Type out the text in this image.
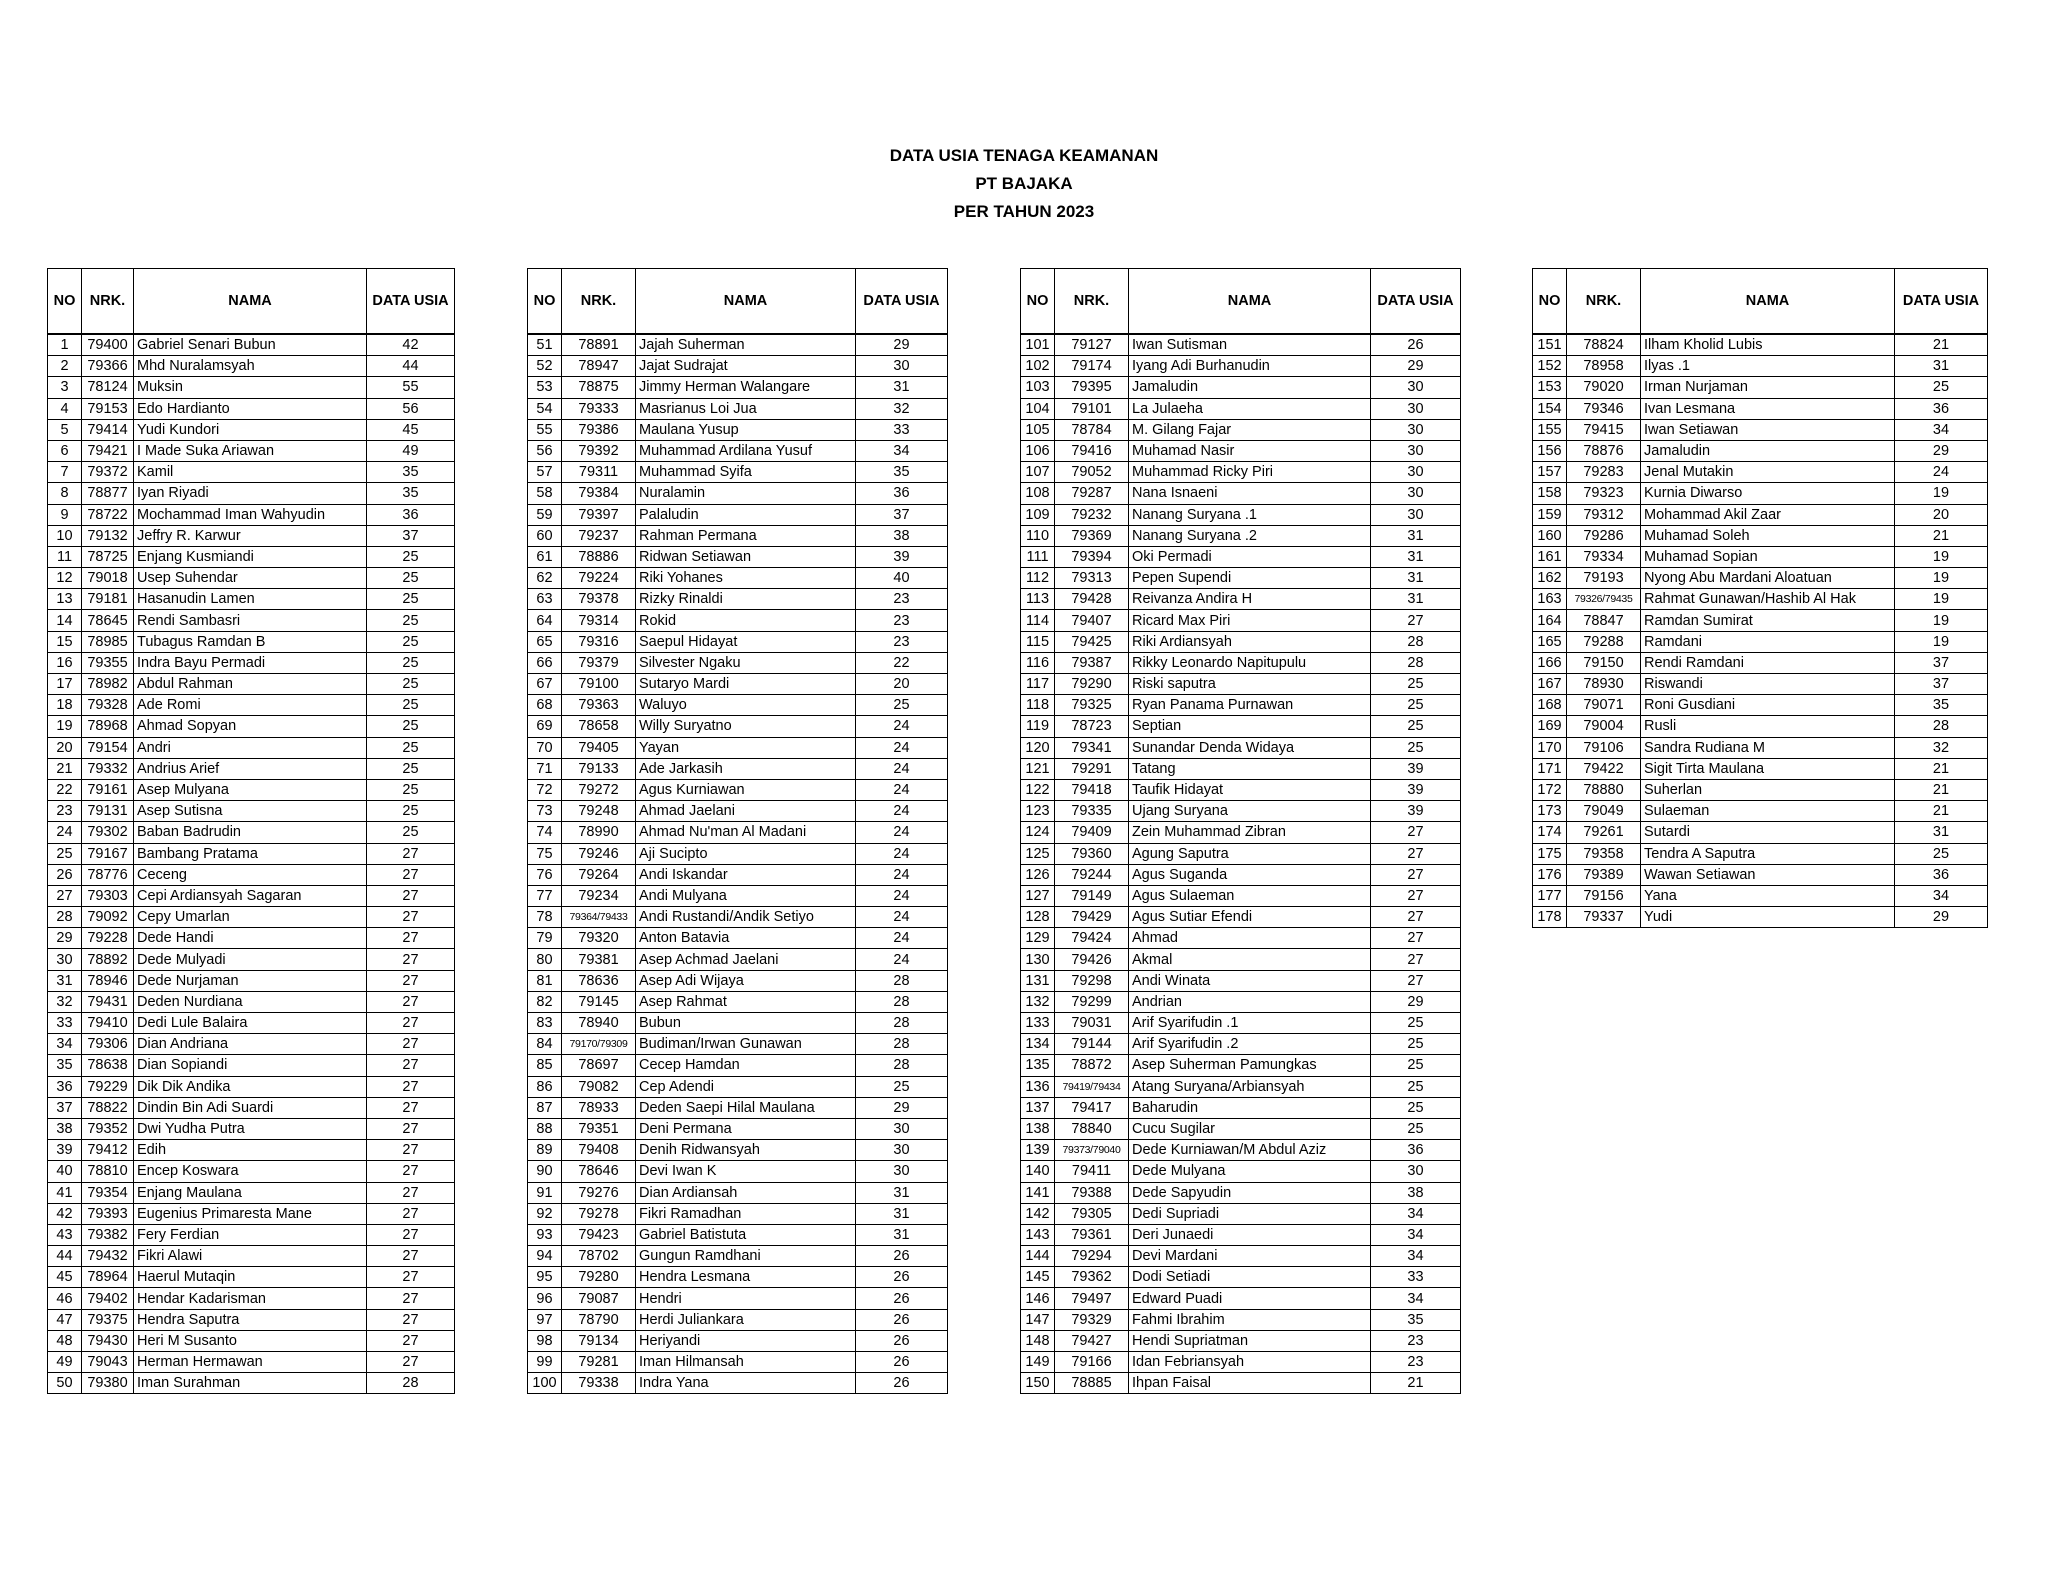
DATA USIA TENAGA KEAMANAN
PT BAJAKA
PER TAHUN 2023
NO	NRK.	NAMA	DATA USIA
1	79400	Gabriel Senari Bubun	42
2	79366	Mhd Nuralamsyah	44
3	78124	Muksin	55
4	79153	Edo Hardianto	56
5	79414	Yudi Kundori	45
6	79421	I Made Suka Ariawan	49
7	79372	Kamil	35
8	78877	Iyan Riyadi	35
9	78722	Mochammad Iman Wahyudin	36
10	79132	Jeffry R. Karwur	37
11	78725	Enjang Kusmiandi	25
12	79018	Usep Suhendar	25
13	79181	Hasanudin Lamen	25
14	78645	Rendi Sambasri	25
15	78985	Tubagus Ramdan B	25
16	79355	Indra Bayu Permadi	25
17	78982	Abdul Rahman	25
18	79328	Ade Romi	25
19	78968	Ahmad Sopyan	25
20	79154	Andri	25
21	79332	Andrius Arief	25
22	79161	Asep Mulyana	25
23	79131	Asep Sutisna	25
24	79302	Baban Badrudin	25
25	79167	Bambang Pratama	27
26	78776	Ceceng	27
27	79303	Cepi Ardiansyah Sagaran	27
28	79092	Cepy Umarlan	27
29	79228	Dede Handi	27
30	78892	Dede Mulyadi	27
31	78946	Dede Nurjaman	27
32	79431	Deden Nurdiana	27
33	79410	Dedi Lule Balaira	27
34	79306	Dian Andriana	27
35	78638	Dian Sopiandi	27
36	79229	Dik Dik Andika	27
37	78822	Dindin Bin Adi Suardi	27
38	79352	Dwi Yudha Putra	27
39	79412	Edih	27
40	78810	Encep Koswara	27
41	79354	Enjang Maulana	27
42	79393	Eugenius Primaresta Mane	27
43	79382	Fery Ferdian	27
44	79432	Fikri Alawi	27
45	78964	Haerul Mutaqin	27
46	79402	Hendar Kadarisman	27
47	79375	Hendra Saputra	27
48	79430	Heri M Susanto	27
49	79043	Herman Hermawan	27
50	79380	Iman Surahman	28
NO	NRK.	NAMA	DATA USIA
51	78891	Jajah Suherman	29
52	78947	Jajat Sudrajat	30
53	78875	Jimmy Herman Walangare	31
54	79333	Masrianus Loi Jua	32
55	79386	Maulana Yusup	33
56	79392	Muhammad Ardilana Yusuf	34
57	79311	Muhammad Syifa	35
58	79384	Nuralamin	36
59	79397	Palaludin	37
60	79237	Rahman Permana	38
61	78886	Ridwan Setiawan	39
62	79224	Riki Yohanes	40
63	79378	Rizky Rinaldi	23
64	79314	Rokid	23
65	79316	Saepul Hidayat	23
66	79379	Silvester Ngaku	22
67	79100	Sutaryo Mardi	20
68	79363	Waluyo	25
69	78658	Willy Suryatno	24
70	79405	Yayan	24
71	79133	Ade Jarkasih	24
72	79272	Agus Kurniawan	24
73	79248	Ahmad Jaelani	24
74	78990	Ahmad Nu'man Al Madani	24
75	79246	Aji Sucipto	24
76	79264	Andi Iskandar	24
77	79234	Andi Mulyana	24
78	79364/79433	Andi Rustandi/Andik Setiyo	24
79	79320	Anton Batavia	24
80	79381	Asep Achmad Jaelani	24
81	78636	Asep Adi Wijaya	28
82	79145	Asep Rahmat	28
83	78940	Bubun	28
84	79170/79309	Budiman/Irwan Gunawan	28
85	78697	Cecep Hamdan	28
86	79082	Cep Adendi	25
87	78933	Deden Saepi Hilal Maulana	29
88	79351	Deni Permana	30
89	79408	Denih Ridwansyah	30
90	78646	Devi Iwan K	30
91	79276	Dian Ardiansah	31
92	79278	Fikri Ramadhan	31
93	79423	Gabriel Batistuta	31
94	78702	Gungun Ramdhani	26
95	79280	Hendra Lesmana	26
96	79087	Hendri	26
97	78790	Herdi Juliankara	26
98	79134	Heriyandi	26
99	79281	Iman Hilmansah	26
100	79338	Indra Yana	26
NO	NRK.	NAMA	DATA USIA
101	79127	Iwan Sutisman	26
102	79174	Iyang Adi Burhanudin	29
103	79395	Jamaludin	30
104	79101	La Julaeha	30
105	78784	M. Gilang Fajar	30
106	79416	Muhamad Nasir	30
107	79052	Muhammad Ricky Piri	30
108	79287	Nana Isnaeni	30
109	79232	Nanang Suryana .1	30
110	79369	Nanang Suryana .2	31
111	79394	Oki Permadi	31
112	79313	Pepen Supendi	31
113	79428	Reivanza Andira H	31
114	79407	Ricard Max Piri	27
115	79425	Riki Ardiansyah	28
116	79387	Rikky Leonardo Napitupulu	28
117	79290	Riski saputra	25
118	79325	Ryan Panama Purnawan	25
119	78723	Septian	25
120	79341	Sunandar Denda Widaya	25
121	79291	Tatang	39
122	79418	Taufik Hidayat	39
123	79335	Ujang Suryana	39
124	79409	Zein Muhammad Zibran	27
125	79360	Agung Saputra	27
126	79244	Agus Suganda	27
127	79149	Agus Sulaeman	27
128	79429	Agus Sutiar Efendi	27
129	79424	Ahmad	27
130	79426	Akmal	27
131	79298	Andi Winata	27
132	79299	Andrian	29
133	79031	Arif Syarifudin .1	25
134	79144	Arif Syarifudin .2	25
135	78872	Asep Suherman Pamungkas	25
136	79419/79434	Atang Suryana/Arbiansyah	25
137	79417	Baharudin	25
138	78840	Cucu Sugilar	25
139	79373/79040	Dede Kurniawan/M Abdul Aziz	36
140	79411	Dede Mulyana	30
141	79388	Dede Sapyudin	38
142	79305	Dedi Supriadi	34
143	79361	Deri Junaedi	34
144	79294	Devi Mardani	34
145	79362	Dodi Setiadi	33
146	79497	Edward Puadi	34
147	79329	Fahmi Ibrahim	35
148	79427	Hendi Supriatman	23
149	79166	Idan Febriansyah	23
150	78885	Ihpan Faisal	21
NO	NRK.	NAMA	DATA USIA
151	78824	Ilham Kholid Lubis	21
152	78958	Ilyas .1	31
153	79020	Irman Nurjaman	25
154	79346	Ivan Lesmana	36
155	79415	Iwan Setiawan	34
156	78876	Jamaludin	29
157	79283	Jenal Mutakin	24
158	79323	Kurnia Diwarso	19
159	79312	Mohammad Akil Zaar	20
160	79286	Muhamad Soleh	21
161	79334	Muhamad Sopian	19
162	79193	Nyong Abu Mardani Aloatuan	19
163	79326/79435	Rahmat Gunawan/Hashib Al Hak	19
164	78847	Ramdan Sumirat	19
165	79288	Ramdani	19
166	79150	Rendi Ramdani	37
167	78930	Riswandi	37
168	79071	Roni Gusdiani	35
169	79004	Rusli	28
170	79106	Sandra Rudiana M	32
171	79422	Sigit Tirta Maulana	21
172	78880	Suherlan	21
173	79049	Sulaeman	21
174	79261	Sutardi	31
175	79358	Tendra A Saputra	25
176	79389	Wawan Setiawan	36
177	79156	Yana	34
178	79337	Yudi	29
